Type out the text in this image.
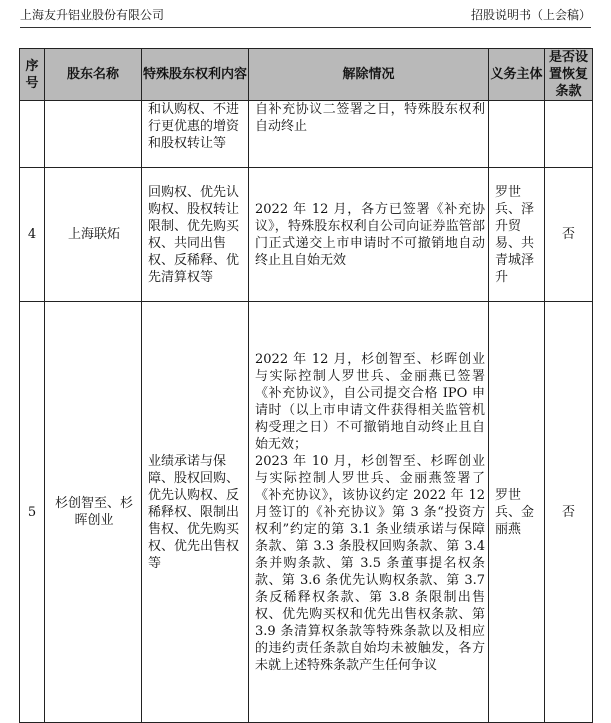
上海友升铝业股份有限公司	招股说明书（上会稿）
序号	股东名称	特殊股东权利内容	解除情况	义务主体	是否设置恢复条款
		和认购权、不进行更优惠的增资和股权转让等	自补充协议二签署之日，特殊股东权利自动终止		
4	上海联炻	回购权、优先认购权、股权转让限制、优先购买权、共同出售权、反稀释、优先清算权等	2022 年 12 月，各方已签署《补充协议》，特殊股东权利自公司向证券监管部门正式递交上市申请时不可撤销地自动终止且自始无效	罗世兵、泽升贸易、共青城泽升	否
5	杉创智至、杉晖创业	业绩承诺与保障、股权回购、优先认购权、反稀释权、限制出售权、优先购买权、优先出售权等	2022 年 12 月，杉创智至、杉晖创业与实际控制人罗世兵、金丽燕已签署《补充协议》，自公司提交合格 IPO 申请时（以上市申请文件获得相关监管机构受理之日）不可撤销地自动终止且自始无效；
2023 年 10 月，杉创智至、杉晖创业与实际控制人罗世兵、金丽燕签署了《补充协议》，该协议约定 2022 年 12 月签订的《补充协议》第 3 条“投资方权利”约定的第 3.1 条业绩承诺与保障条款、第 3.3 条股权回购条款、第 3.4 条并购条款、第 3.5 条董事提名权条款、第 3.6 条优先认购权条款、第 3.7 条反稀释权条款、第 3.8 条限制出售权、优先购买权和优先出售权条款、第 3.9 条清算权条款等特殊条款以及相应的违约责任条款自始均未被触发，各方未就上述特殊条款产生任何争议	罗世兵、金丽燕	否
